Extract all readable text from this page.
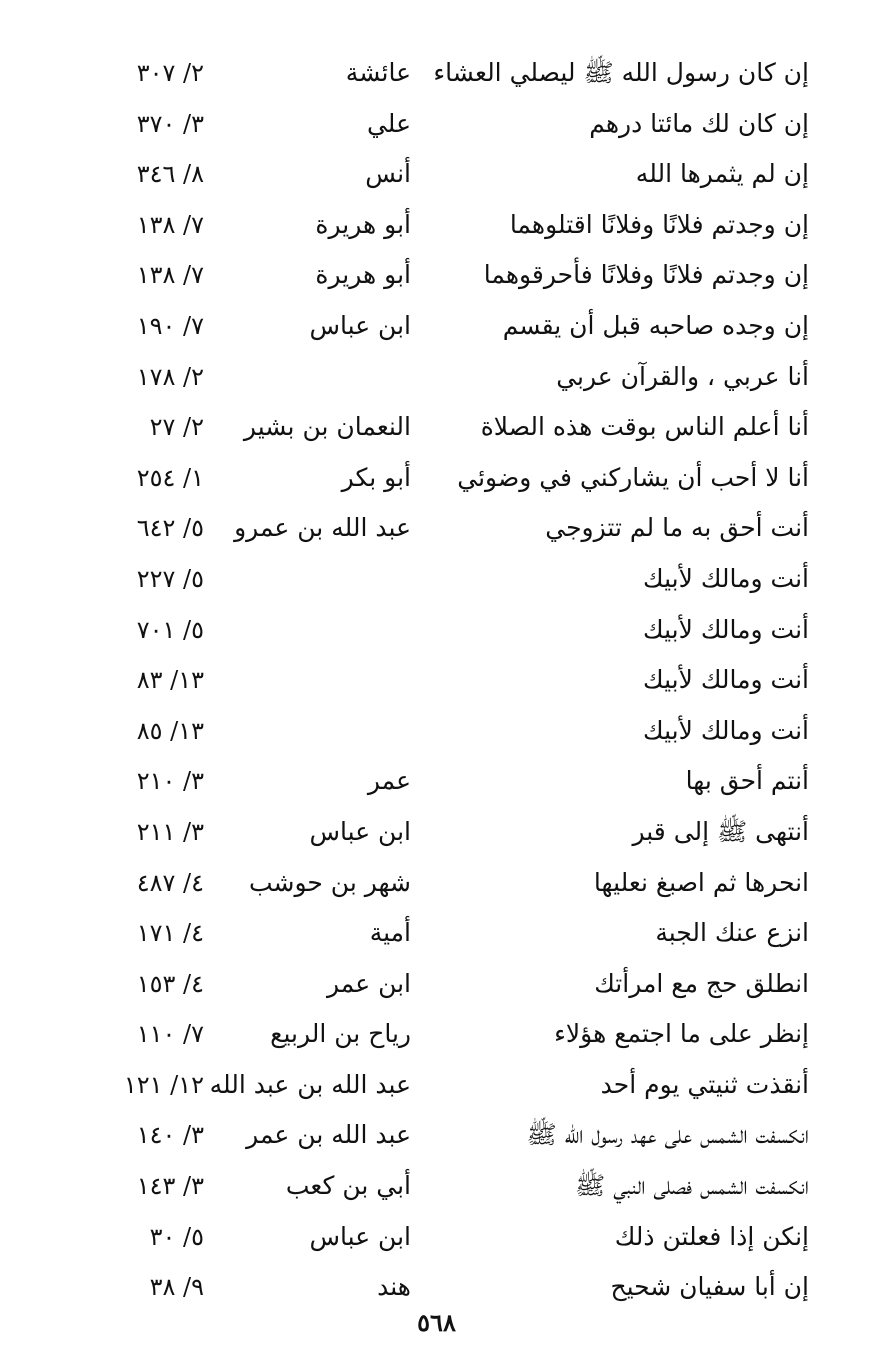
إن كان رسول الله ﷺ ليصلي العشاء
عائشة
٢/ ٣٠٧
إن كان لك مائتا درهم
علي
٣/ ٣٧٠
إن لم يثمرها الله
أنس
٨/ ٣٤٦
إن وجدتم فلانًا وفلانًا اقتلوهما
أبو هريرة
٧/ ١٣٨
إن وجدتم فلانًا وفلانًا فأحرقوهما
أبو هريرة
٧/ ١٣٨
إن وجده صاحبه قبل أن يقسم
ابن عباس
٧/ ١٩٠
أنا عربي ، والقرآن عربي
٢/ ١٧٨
أنا أعلم الناس بوقت هذه الصلاة
النعمان بن بشير
٢/ ٢٧
أنا لا أحب أن يشاركني في وضوئي
أبو بكر
١/ ٢٥٤
أنت أحق به ما لم تتزوجي
عبد الله بن عمرو
٥/ ٦٤٢
أنت ومالك لأبيك
٥/ ٢٢٧
أنت ومالك لأبيك
٥/ ٧٠١
أنت ومالك لأبيك
١٣/ ٨٣
أنت ومالك لأبيك
١٣/ ٨٥
أنتم أحق بها
عمر
٣/ ٢١٠
أنتهى ﷺ إلى قبر
ابن عباس
٣/ ٢١١
انحرها ثم اصبغ نعليها
شهر بن حوشب
٤/ ٤٨٧
انزع عنك الجبة
أمية
٤/ ١٧١
انطلق حج مع امرأتك
ابن عمر
٤/ ١٥٣
إنظر على ما اجتمع هؤلاء
رياح بن الربيع
٧/ ١١٠
أنقذت ثنيتي يوم أحد
عبد الله بن عبد الله
١٢/ ١٢١
انكسفت الشمس على عهد رسول الله ﷺ
عبد الله بن عمر
٣/ ١٤٠
انكسفت الشمس فصلى النبي ﷺ
أبي بن كعب
٣/ ١٤٣
إنكن إذا فعلتن ذلك
ابن عباس
٥/ ٣٠
إن أبا سفيان شحيح
هند
٩/ ٣٨
٥٦٨
